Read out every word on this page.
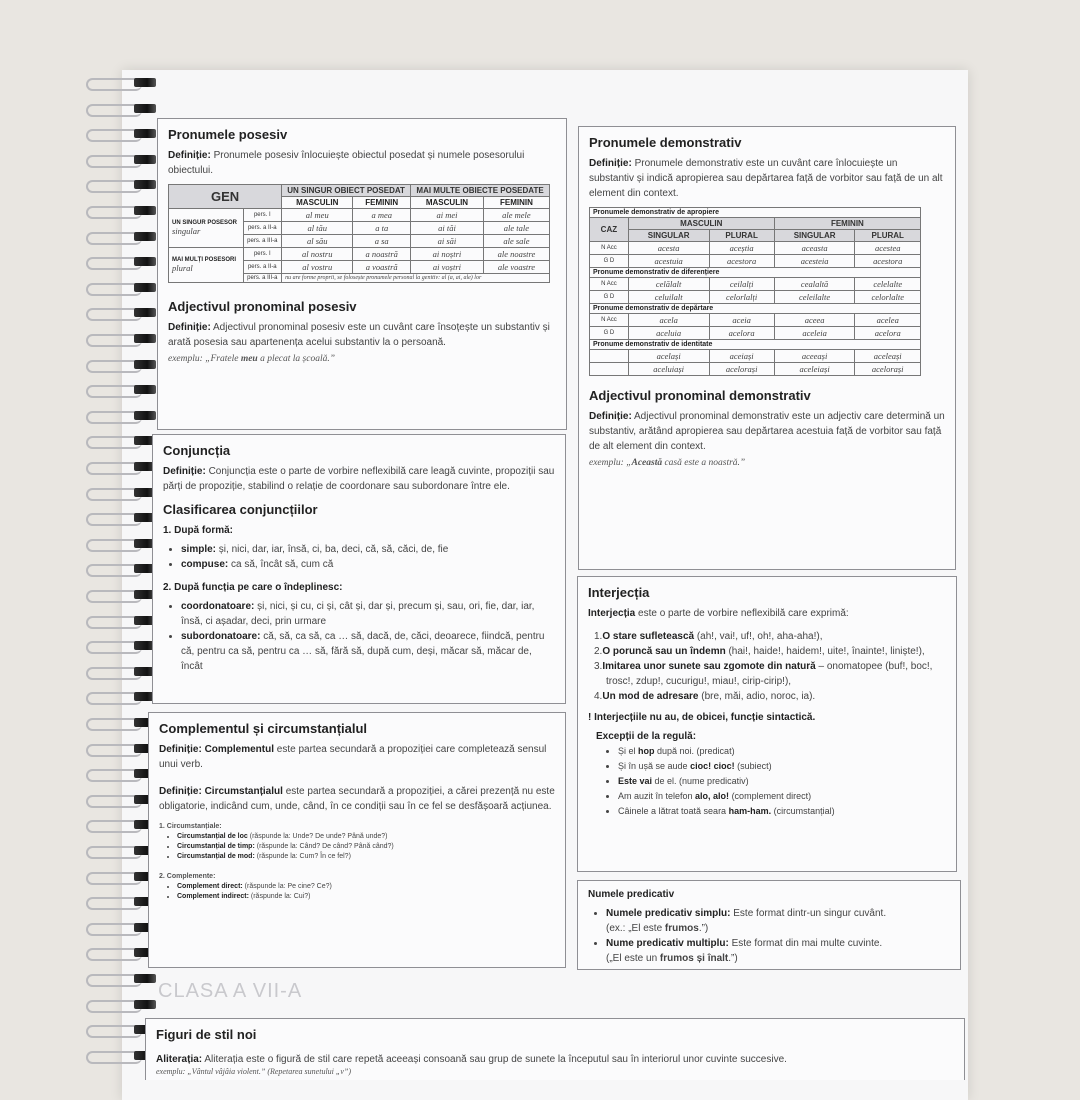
Pronumele posesiv
Definiție: Pronumele posesiv înlocuiește obiectul posedat și numele posesorului obiectului.
GEN		UN SINGUR OBIECT POSEDAT		MAI MULTE OBIECTE POSEDATE	
		MASCULIN	FEMININ	MASCULIN	FEMININ
UN SINGUR POSESOR
singular	pers. I	al meu	a mea	ai mei	ale mele
	pers. a II-a	al tău	a ta	ai tăi	ale tale
	pers. a III-a	al său	a sa	ai săi	ale sale
MAI MULȚI POSESORI
plural	pers. I	al nostru	a noastră	ai noștri	ale noastre
	pers. a II-a	al vostru	a voastră	ai voștri	ale voastre
	pers. a III-a	nu are forme proprii, se folosește pronumele personal la genitiv: al (a, ai, ale) lor			
Adjectivul pronominal posesiv
Definiție: Adjectivul pronominal posesiv este un cuvânt care însoțește un substantiv și arată posesia sau apartenența acelui substantiv la o persoană.
exemplu: „Fratele meu a plecat la școală.”
Conjuncția
Definiție: Conjuncția este o parte de vorbire neflexibilă care leagă cuvinte, propoziții sau părți de propoziție, stabilind o relație de coordonare sau subordonare între ele.
Clasificarea conjuncțiilor
1. După formă:
• simple: și, nici, dar, iar, însă, ci, ba, deci, că, să, căci, de, fie
• compuse: ca să, încât să, cum că
2. După funcția pe care o îndeplinesc:
• coordonatoare: și, nici, și cu, ci și, cât și, dar și, precum și, sau, ori, fie, dar, iar, însă, ci așadar, deci, prin urmare
• subordonatoare: că, să, ca să, ca … să, dacă, de, căci, deoarece, fiindcă, pentru că, pentru ca să, pentru ca … să, fără să, după cum, deși, măcar să, măcar de, încât
Complementul și circumstanțialul
Definiție: Complementul este partea secundară a propoziției care completează sensul unui verb.
Definiție: Circumstanțialul este partea secundară a propoziției, a cărei prezență nu este obligatorie, indicând cum, unde, când, în ce condiții sau în ce fel se desfășoară acțiunea.
1. Circumstanțiale:
• Circumstanțial de loc (răspunde la: Unde? De unde? Până unde?)
• Circumstanțial de timp: (răspunde la: Când? De când? Până când?)
• Circumstanțial de mod: (răspunde la: Cum? În ce fel?)
2. Complemente:
• Complement direct: (răspunde la: Pe cine? Ce?)
• Complement indirect: (răspunde la: Cui?)
Pronumele demonstrativ
Definiție: Pronumele demonstrativ este un cuvânt care înlocuiește un substantiv și indică apropierea sau depărtarea față de vorbitor sau față de un alt element din context.
Pronumele demonstrativ de apropiere				
CAZ	MASCULIN		FEMININ	
	SINGULAR	PLURAL	SINGULAR	PLURAL
N Acc	acesta	aceștia	aceasta	acestea
G D	acestuia	acestora	acesteia	acestora
Pronume demonstrativ de diferențiere				
N Acc	celălalt	ceilalți	cealaltă	celelalte
G D	celuilalt	celorlalți	celeilalte	celorlalte
Pronume demonstrativ de depărtare				
N Acc	acela	aceia	aceea	acelea
G D	aceluia	acelora	aceleia	acelora
Pronume demonstrativ de identitate				
	același	aceiași	aceeași	aceleași
	aceluiași	acelorași	aceleiași	acelorași
Adjectivul pronominal demonstrativ
Definiție: Adjectivul pronominal demonstrativ este un adjectiv care determină un substantiv, arătând apropierea sau depărtarea acestuia față de vorbitor sau față de alt element din context.
exemplu: „Această casă este a noastră.”
Interjecția
Interjecția este o parte de vorbire neflexibilă care exprimă:
1.O stare sufletească (ah!, vai!, uf!, oh!, aha-aha!),
2.O poruncă sau un îndemn (hai!, haide!, haidem!, uite!, înainte!, liniște!),
3.Imitarea unor sunete sau zgomote din natură – onomatopee (buf!, boc!, trosc!, zdup!, cucurigu!, miau!, cirip-cirip!),
4.Un mod de adresare (bre, măi, adio, noroc, ia).
! Interjecțiile nu au, de obicei, funcție sintactică.
Excepții de la regulă:
• Și el hop după noi. (predicat)
• Și în ușă se aude cioc! cioc! (subiect)
• Este vai de el. (nume predicativ)
• Am auzit în telefon alo, alo! (complement direct)
• Câinele a lătrat toată seara ham-ham. (circumstanțial)
Numele predicativ
• Numele predicativ simplu: Este format dintr-un singur cuvânt.
(ex.: „El este frumos.”)
• Nume predicativ multiplu: Este format din mai multe cuvinte.
(„El este un frumos și înalt.”)
CLASA A VII-A
Figuri de stil noi
Aliterația: Aliterația este o figură de stil care repetă aceeași consoană sau grup de sunete la începutul sau în interiorul unor cuvinte succesive.
exemplu: „Vântul vâjâia violent.” (Repetarea sunetului „v”)
